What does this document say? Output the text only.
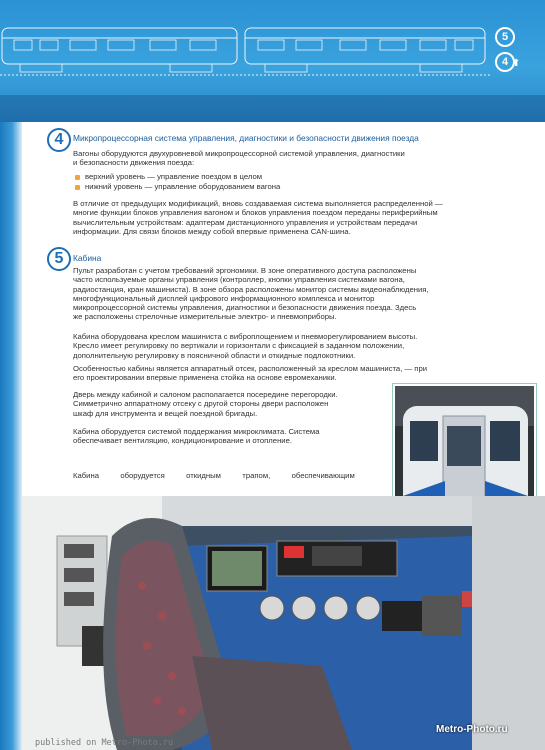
5
4 ⬆
4	Микропроцессорная система управления, диагностики и безопасности движения поезда
Вагоны оборудуются двухуровневой микропроцессорной системой управления, диагностики
и безопасности движения поезда:
верхний уровень — управление поездом в целом
нижний уровень — управление оборудованием вагона
В отличие от предыдущих модификаций, вновь создаваемая система выполняется распределенной —
многие функции блоков управления вагоном и блоков управления поездом переданы периферийным
вычислительным устройствам: адаптерам дистанционного управления и устройствам передачи
информации. Для связи блоков между собой впервые применена CAN-шина.
5	Кабина
Пульт разработан с учетом требований эргономики. В зоне оперативного доступа расположены
часто используемые органы управления (контроллер, кнопки управления системами вагона,
радиостанция, кран машиниста). В зоне обзора расположены монитор системы видеонаблюдения,
многофункциональный дисплей цифрового информационного комплекса и монитор
микропроцессорной системы управления, диагностики и безопасности движения поезда. Здесь
же расположены стрелочные измерительные электро- и пневмоприборы.
Кабина оборудована креслом машиниста с виброплощением и пневморегулированием высоты.
Кресло имеет регулировку по вертикали и горизонтали с фиксацией в заданном положении,
дополнительную регулировку в поясничной области и откидные подлокотники.
Особенностью кабины является аппаратный отсек, расположенный за креслом машиниста, — при
его проектировании впервые применена стойка на основе евромеханики.
Дверь между кабиной и салоном располагается посередине перегородки.
Симметрично аппаратному отсеку с другой стороны двери расположен
шкаф для инструмента и вещей поездной бригады.
Кабина оборудуется системой поддержания микроклимата. Система
обеспечивает вентиляцию, кондиционирование и отопление.

Кабина          оборудуется          откидным          трапом,          обеспечивающим

Metro-Photo.ru
published on Metro-Photo.ru
